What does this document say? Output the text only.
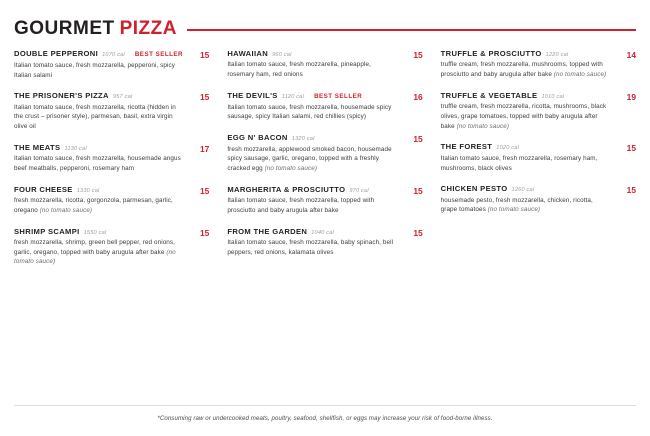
GOURMET PIZZA
DOUBLE PEPPERONI 1070 cal BEST SELLER 15
Italian tomato sauce, fresh mozzarella, pepperoni, spicy Italian salami
THE PRISONER'S PIZZA 957 cal	15
Italian tomato sauce, fresh mozzarella, ricotta (hidden in the crust – prisoner style), parmesan, basil, extra virgin olive oil
THE MEATS 1130 cal	17
Italian tomato sauce, fresh mozzarella, housemade angus beef meatballs, pepperoni, rosemary ham
FOUR CHEESE 1330 cal	15
fresh mozzarella, ricotta, gorgonzola, parmesan, garlic, oregano (no tomato sauce)
SHRIMP SCAMPI 1550 cal	15
fresh mozzarella, shrimp, green bell pepper, red onions, garlic, oregano, topped with baby arugula after bake (no tomato sauce)
HAWAIIAN 960 cal	15
Italian tomato sauce, fresh mozzarella, pineapple, rosemary ham, red onions
THE DEVIL'S 1120 cal BEST SELLER	16
Italian tomato sauce, fresh mozzarella, housemade spicy sausage, spicy Italian salami, red chillies (spicy)
EGG N' BACON 1320 cal	15
fresh mozzarella, applewood smoked bacon, housemade spicy sausage, garlic, oregano, topped with a freshly cracked egg (no tomato sauce)
MARGHERITA & PROSCIUTTO 970 cal	15
Italian tomato sauce, fresh mozzarella, topped with prosciutto and baby arugula after bake
FROM THE GARDEN 1040 cal	15
Italian tomato sauce, fresh mozzarella, baby spinach, bell peppers, red onions, kalamata olives
TRUFFLE & PROSCIUTTO 1220 cal	14
truffle cream, fresh mozzarella, mushrooms, topped with prosciutto and baby arugula after bake (no tomato sauce)
TRUFFLE & VEGETABLE 1010 cal	19
truffle cream, fresh mozzarella, ricotta, mushrooms, black olives, grape tomatoes, topped with baby arugula after bake (no tomato sauce)
THE FOREST 1020 cal	15
Italian tomato sauce, fresh mozzarella, rosemary ham, mushrooms, black olives
CHICKEN PESTO 1260 cal	15
housemade pesto, fresh mozzarella, chicken, ricotta, grape tomatoes (no tomato sauce)
*Consuming raw or undercooked meats, poultry, seafood, shellfish, or eggs may increase your risk of food-borne illness.
